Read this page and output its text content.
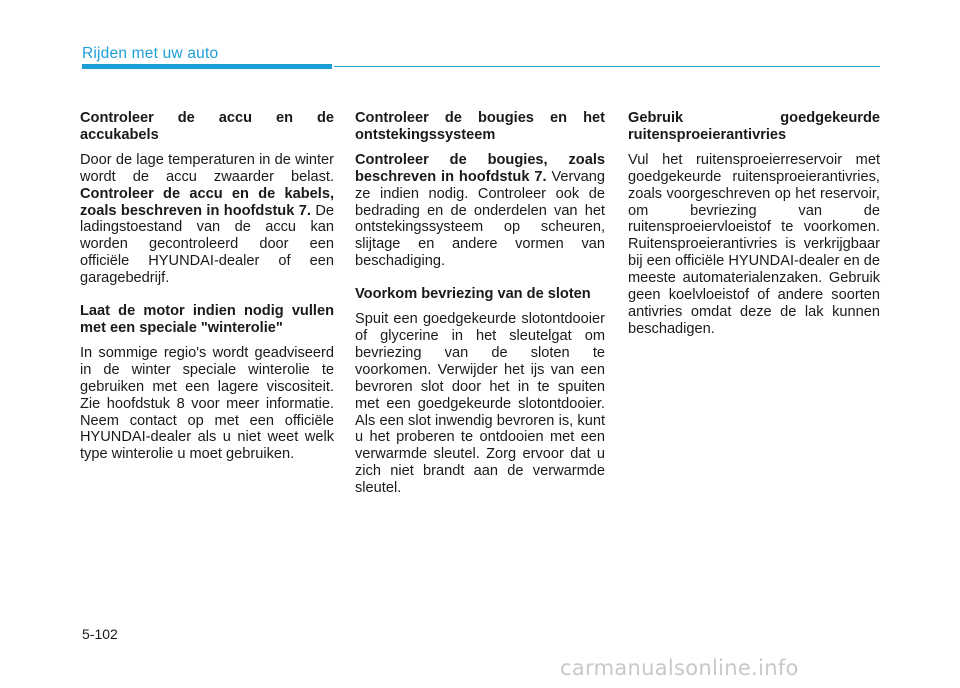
Rijden met uw auto

Controleer de accu en de accukabels

Door de lage temperaturen in de winter wordt de accu zwaarder belast. Controleer de accu en de kabels, zoals beschreven in hoofdstuk 7. De ladingstoestand van de accu kan worden gecontroleerd door een officiële HYUNDAI-dealer of een garagebedrijf.

Laat de motor indien nodig vullen met een speciale "winterolie"

In sommige regio's wordt geadviseerd in de winter speciale winterolie te gebruiken met een lagere viscositeit. Zie hoofdstuk 8 voor meer informatie. Neem contact op met een officiële HYUNDAI-dealer als u niet weet welk type winterolie u moet gebruiken.

Controleer de bougies en het ontstekingssysteem

Controleer de bougies, zoals beschreven in hoofdstuk 7. Vervang ze indien nodig. Controleer ook de bedrading en de onderdelen van het ontstekingssysteem op scheuren, slijtage en andere vormen van beschadiging.

Voorkom bevriezing van de sloten

Spuit een goedgekeurde slotontdooier of glycerine in het sleutelgat om bevriezing van de sloten te voorkomen. Verwijder het ijs van een bevroren slot door het in te spuiten met een goedgekeurde slotontdooier. Als een slot inwendig bevroren is, kunt u het proberen te ontdooien met een verwarmde sleutel. Zorg ervoor dat u zich niet brandt aan de verwarmde sleutel.

Gebruik goedgekeurde ruitensproeierantivries

Vul het ruitensproeierreservoir met goedgekeurde ruitensproeierantivries, zoals voorgeschreven op het reservoir, om bevriezing van de ruitensproeiervloeistof te voorkomen. Ruitensproeierantivries is verkrijgbaar bij een officiële HYUNDAI-dealer en de meeste automaterialenzaken. Gebruik geen koelvloeistof of andere soorten antivries omdat deze de lak kunnen beschadigen.

5-102
carmanualsonline.info
